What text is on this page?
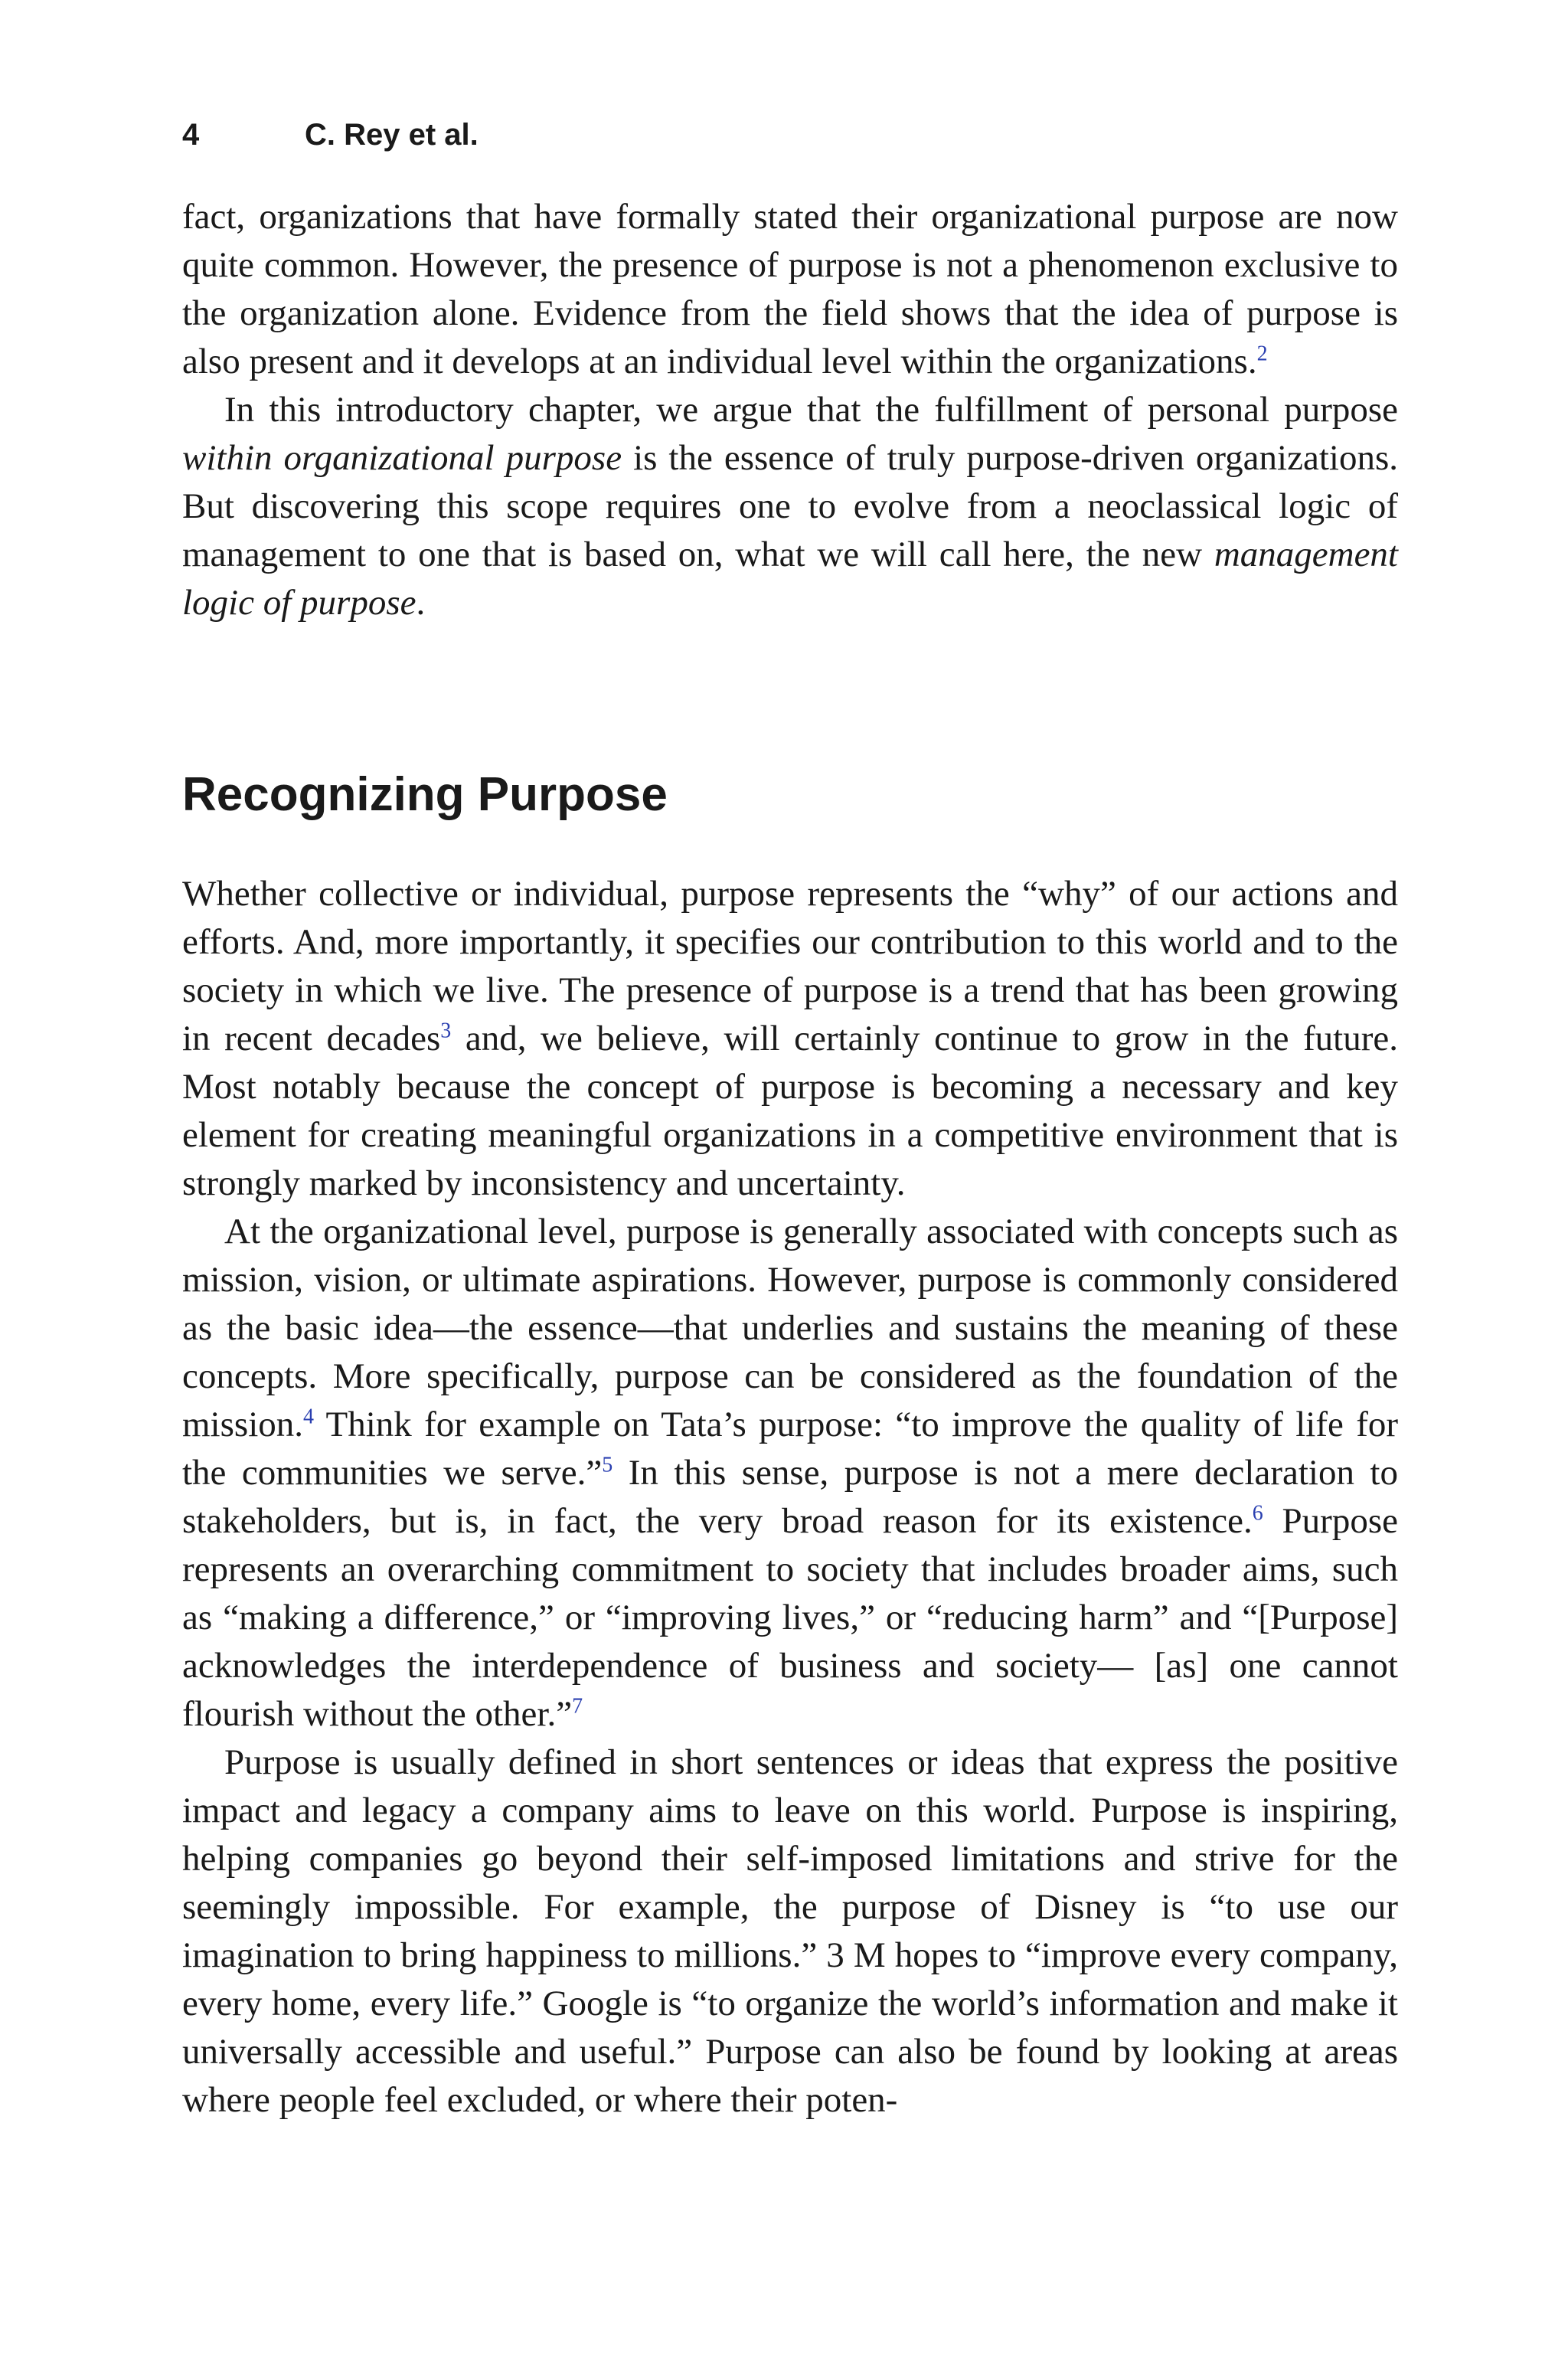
4	C. Rey et al.

fact, organizations that have formally stated their organizational purpose are now quite common. However, the presence of purpose is not a phenomenon exclusive to the organization alone. Evidence from the field shows that the idea of purpose is also present and it develops at an individual level within the organizations.$^2$

In this introductory chapter, we argue that the fulfillment of personal purpose within organizational purpose is the essence of truly purpose-driven organizations. But discovering this scope requires one to evolve from a neoclassical logic of management to one that is based on, what we will call here, the new management logic of purpose.

Recognizing Purpose

Whether collective or individual, purpose represents the “why” of our actions and efforts. And, more importantly, it specifies our contribution to this world and to the society in which we live. The presence of purpose is a trend that has been growing in recent decades$^3$ and, we believe, will certainly continue to grow in the future. Most notably because the concept of purpose is becoming a necessary and key element for creating meaningful organizations in a competitive environment that is strongly marked by inconsistency and uncertainty.

At the organizational level, purpose is generally associated with concepts such as mission, vision, or ultimate aspirations. However, purpose is commonly considered as the basic idea—the essence—that underlies and sustains the meaning of these concepts. More specifically, purpose can be considered as the foundation of the mission.$^4$ Think for example on Tata’s purpose: “to improve the quality of life for the communities we serve.”$^5$ In this sense, purpose is not a mere declaration to stakeholders, but is, in fact, the very broad reason for its existence.$^6$ Purpose represents an overarching commitment to society that includes broader aims, such as “making a difference,” or “improving lives,” or “reducing harm” and “[Purpose] acknowledges the interdependence of business and society— [as] one cannot flourish without the other.”$^7$

Purpose is usually defined in short sentences or ideas that express the positive impact and legacy a company aims to leave on this world. Purpose is inspiring, helping companies go beyond their self-imposed limitations and strive for the seemingly impossible. For example, the purpose of Disney is “to use our imagination to bring happiness to millions.” 3 M hopes to “improve every company, every home, every life.” Google is “to organize the world’s information and make it universally accessible and useful.” Purpose can also be found by looking at areas where people feel excluded, or where their poten-
